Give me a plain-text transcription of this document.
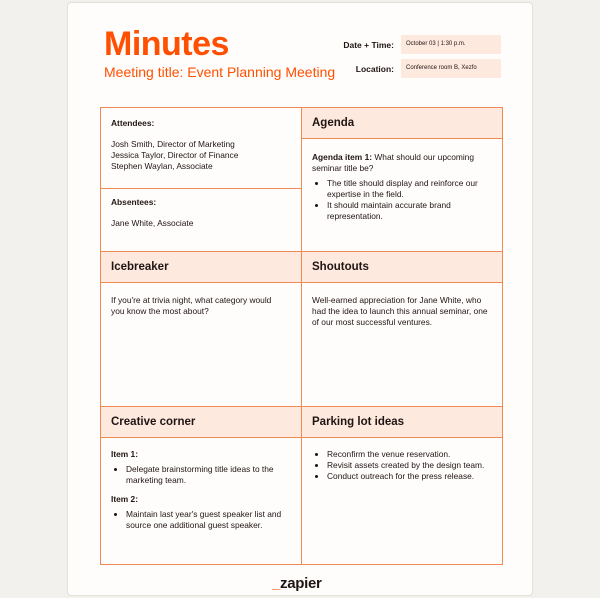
Minutes
Meeting title: Event Planning Meeting
Date + Time:	October 03 | 1:30 p.m.
Location:	Conference room B, Xezfo
Attendees:
Josh Smith, Director of Marketing
Jessica Taylor, Director of Finance
Stephen Waylan, Associate
Absentees:
Jane White, Associate
Agenda
Agenda item 1: What should our upcoming seminar title be?
• The title should display and reinforce our expertise in the field.
• It should maintain accurate brand representation.
Icebreaker	Shoutouts
If you're at trivia night, what category would you know the most about?
Well-earned appreciation for Jane White, who had the idea to launch this annual seminar, one of our most successful ventures.
Creative corner	Parking lot ideas
Item 1:
• Delegate brainstorming title ideas to the marketing team.
Item 2:
• Maintain last year's guest speaker list and source one additional guest speaker.
• Reconfirm the venue reservation.
• Revisit assets created by the design team.
• Conduct outreach for the press release.
_zapier
